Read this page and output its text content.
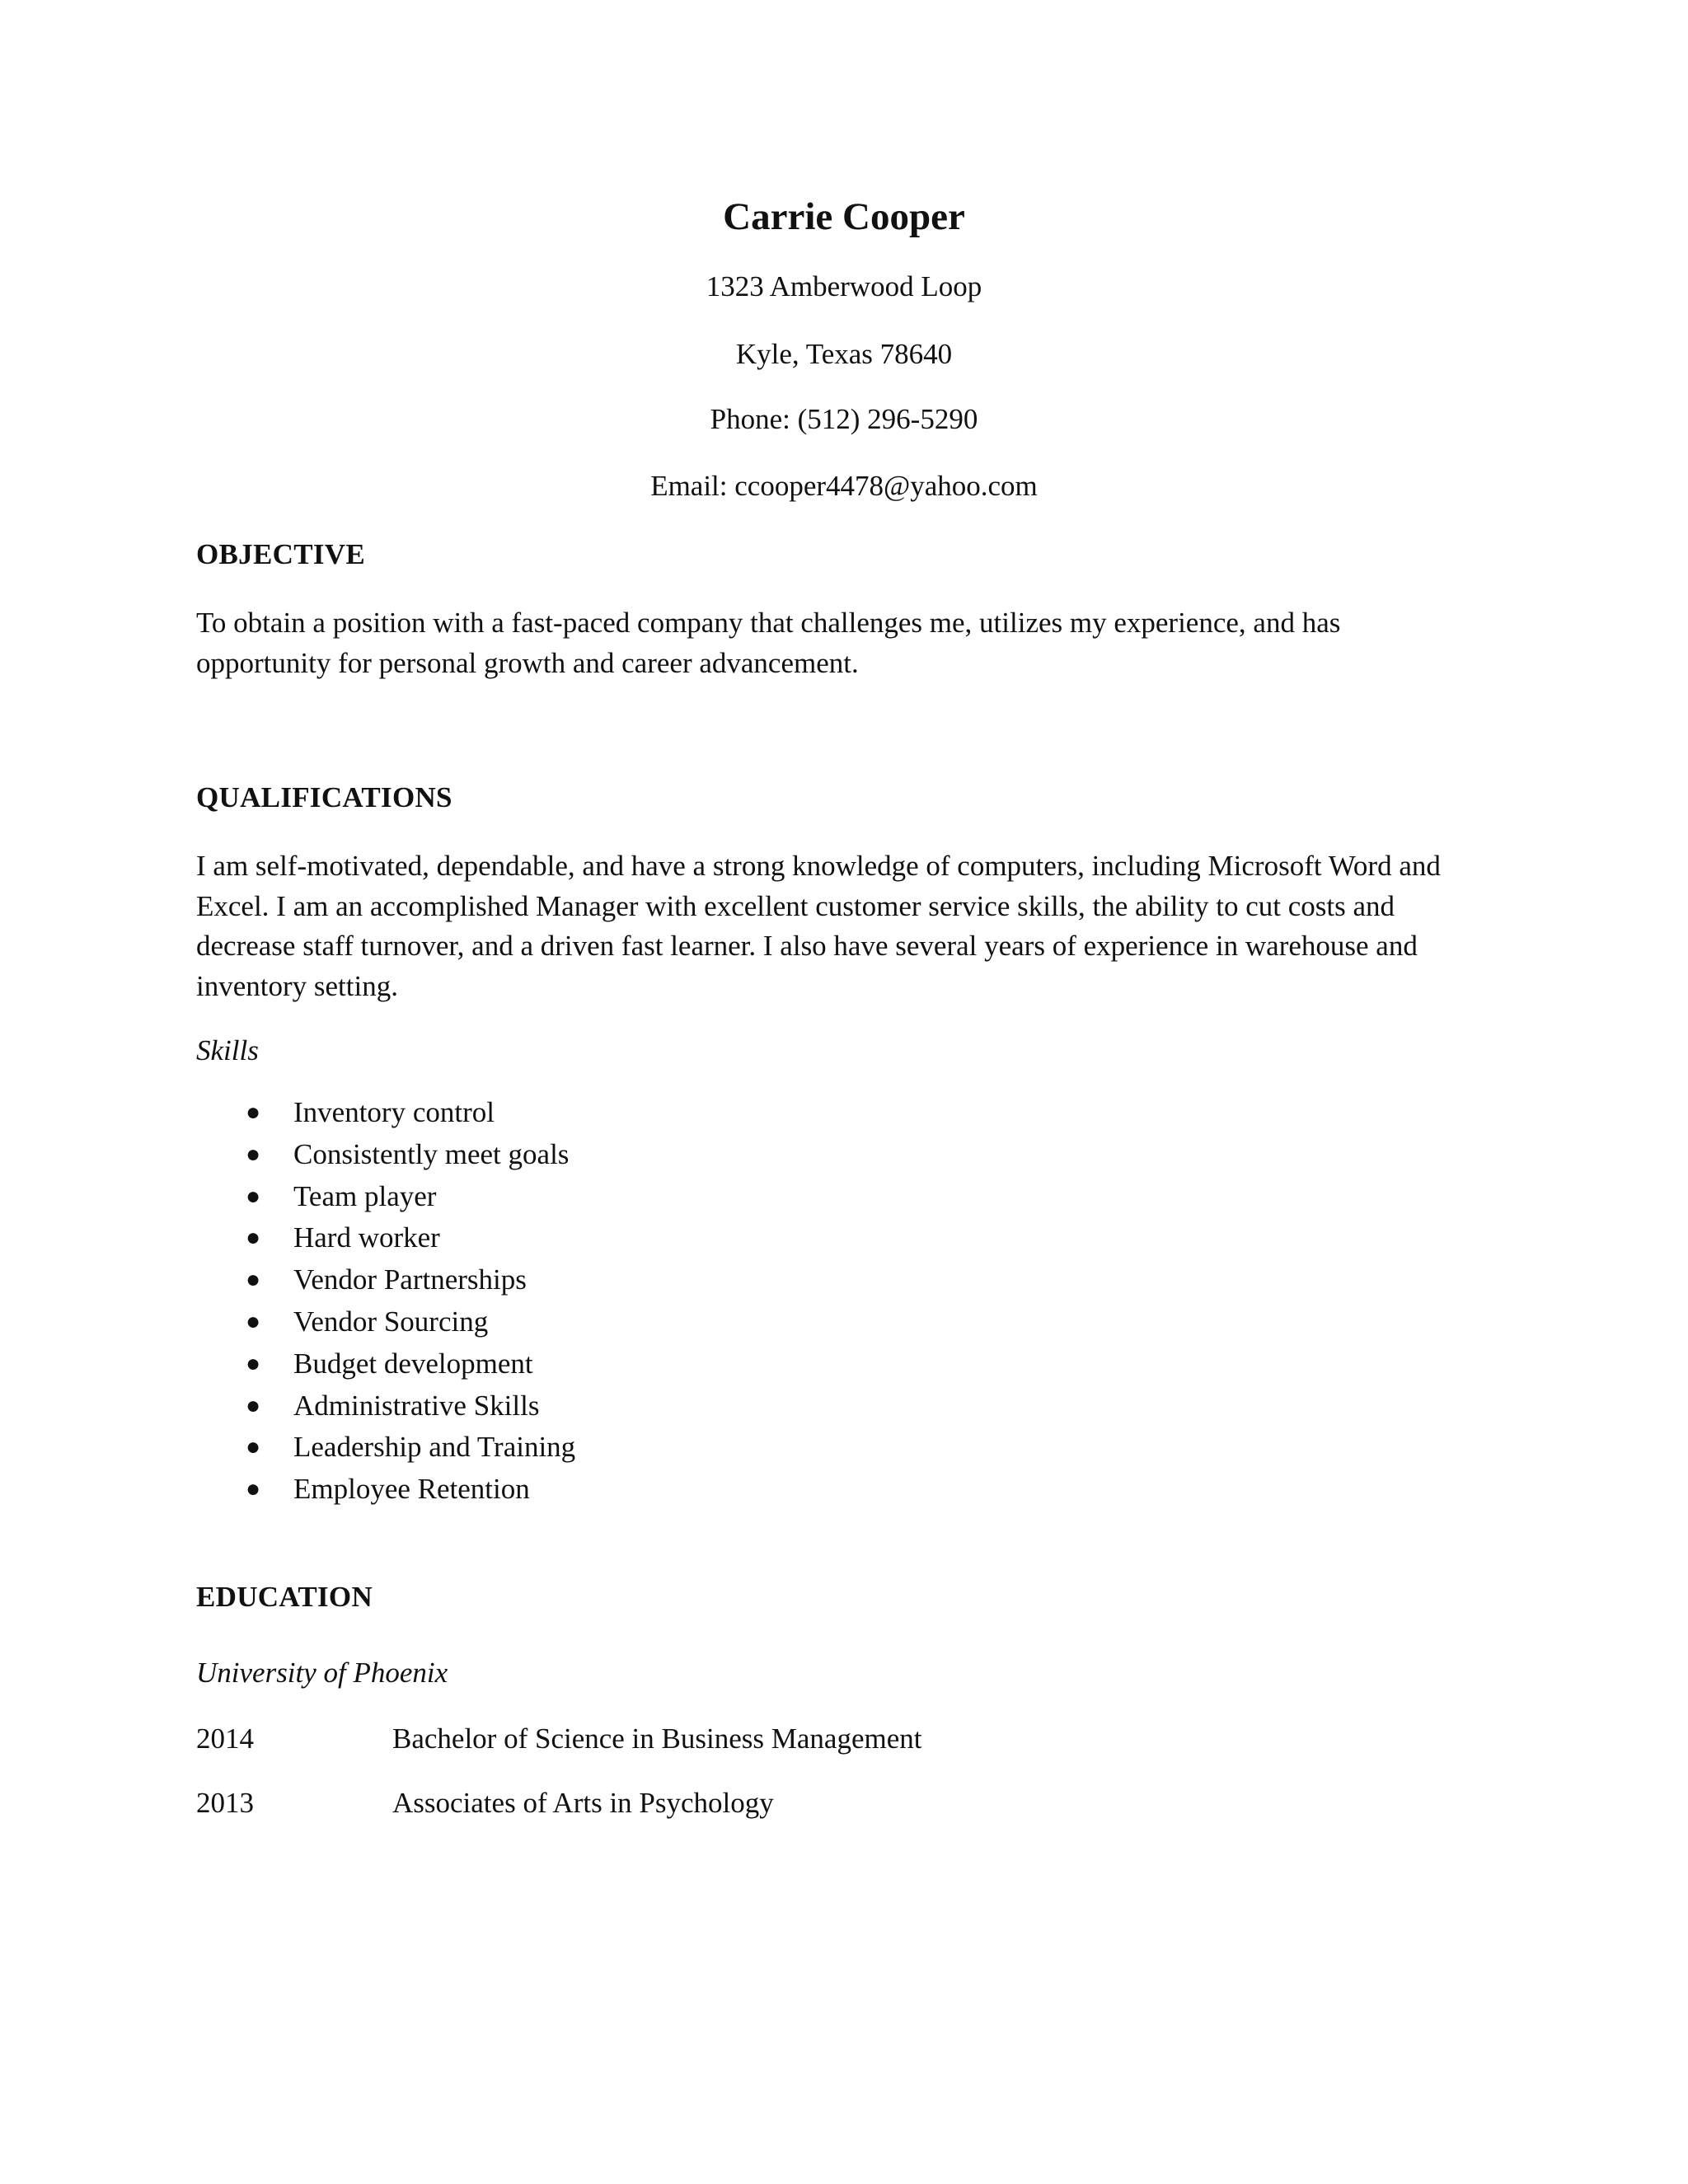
Carrie Cooper
1323 Amberwood Loop
Kyle, Texas 78640
Phone: (512) 296-5290
Email: ccooper4478@yahoo.com
OBJECTIVE
To obtain a position with a fast-paced company that challenges me, utilizes my experience, and has opportunity for personal growth and career advancement.
QUALIFICATIONS
I am self-motivated, dependable, and have a strong knowledge of computers, including Microsoft Word and Excel. I am an accomplished Manager with excellent customer service skills, the ability to cut costs and decrease staff turnover, and a driven fast learner. I also have several years of experience in warehouse and inventory setting.
Skills
● Inventory control
● Consistently meet goals
● Team player
● Hard worker
● Vendor Partnerships
● Vendor Sourcing
● Budget development
● Administrative Skills
● Leadership and Training
● Employee Retention
EDUCATION
University of Phoenix
2014	Bachelor of Science in Business Management
2013	Associates of Arts in Psychology
